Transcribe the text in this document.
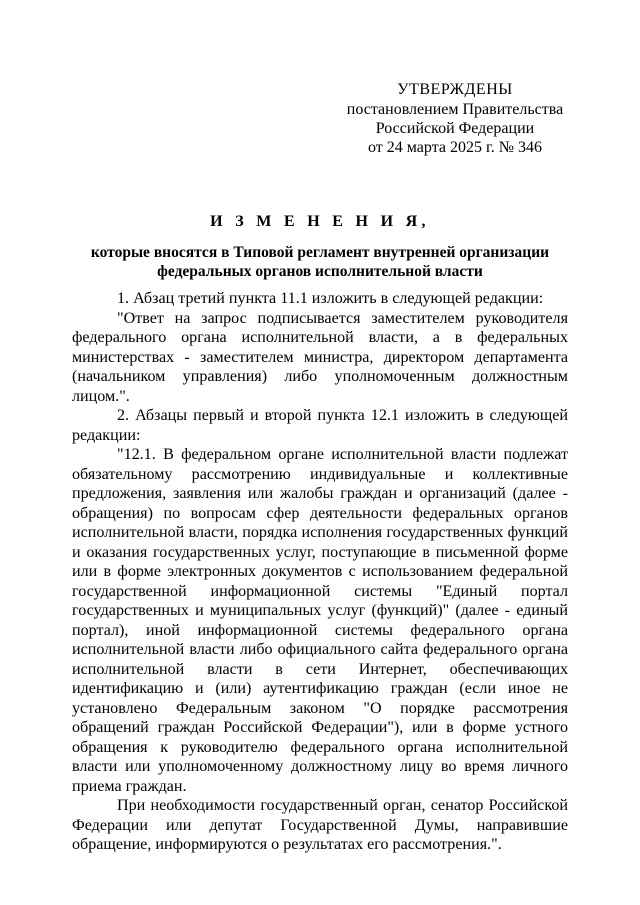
УТВЕРЖДЕНЫ
постановлением Правительства
Российской Федерации
от 24 марта 2025 г. № 346
И З М Е Н Е Н И Я,
которые вносятся в Типовой регламент внутренней организации
федеральных органов исполнительной власти

1. Абзац третий пункта 11.1 изложить в следующей редакции:

"Ответ на запрос подписывается заместителем руководителя федерального органа исполнительной власти, а в федеральных министерствах - заместителем министра, директором департамента (начальником управления) либо уполномоченным должностным лицом.".

2. Абзацы первый и второй пункта 12.1 изложить в следующей редакции:

"12.1. В федеральном органе исполнительной власти подлежат обязательному рассмотрению индивидуальные и коллективные предложения, заявления или жалобы граждан и организаций (далее - обращения) по вопросам сфер деятельности федеральных органов исполнительной власти, порядка исполнения государственных функций и оказания государственных услуг, поступающие в письменной форме или в форме электронных документов с использованием федеральной государственной информационной системы "Единый портал государственных и муниципальных услуг (функций)" (далее - единый портал), иной информационной системы федерального органа исполнительной власти либо официального сайта федерального органа исполнительной власти в сети Интернет, обеспечивающих идентификацию и (или) аутентификацию граждан (если иное не установлено Федеральным законом "О порядке рассмотрения обращений граждан Российской Федерации"), или в форме устного обращения к руководителю федерального органа исполнительной власти или уполномоченному должностному лицу во время личного приема граждан.

При необходимости государственный орган, сенатор Российской Федерации или депутат Государственной Думы, направившие обращение, информируются о результатах его рассмотрения.".
